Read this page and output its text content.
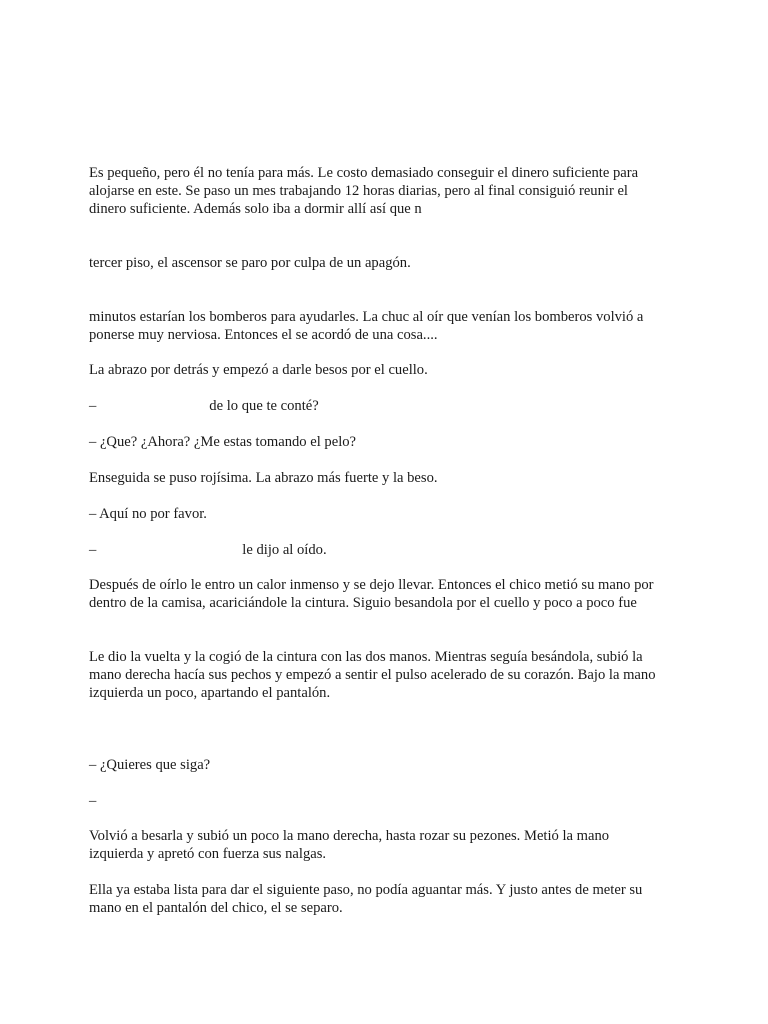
Es pequeño, pero él no tenía para más. Le costo demasiado conseguir el dinero suficiente para

alojarse en este. Se paso un mes trabajando 12 horas diarias, pero al final consiguió reunir el

dinero suficiente. Además solo iba a dormir allí así que n

tercer piso, el ascensor se paro por culpa de un apagón.

minutos estarían los bomberos para ayudarles. La chuc al oír que venían los bomberos volvió a

ponerse muy nerviosa. Entonces el se acordó de una cosa....

La abrazo por detrás y empezó a darle besos por el cuello.

–	de lo que te conté?

– ¿Que? ¿Ahora? ¿Me estas tomando el pelo?

Enseguida se puso rojísima. La abrazo más fuerte y la beso.

– Aquí no por favor.

–	le dijo al oído.

Después de oírlo le entro un calor inmenso y se dejo llevar. Entonces el chico metió su mano por

dentro de la camisa, acariciándole la cintura. Siguio besandola por el cuello y poco a poco fue

Le dio la vuelta y la cogió de la cintura con las dos manos. Mientras seguía besándola, subió la

mano derecha hacía sus pechos y empezó a sentir el pulso acelerado de su corazón. Bajo la mano

izquierda un poco, apartando el pantalón.

– ¿Quieres que siga?

–

Volvió a besarla y subió un poco la mano derecha, hasta rozar su pezones. Metió la mano

izquierda y apretó con fuerza sus nalgas.

Ella ya estaba lista para dar el siguiente paso, no podía aguantar más. Y justo antes de meter su

mano en el pantalón del chico, el se separo.
